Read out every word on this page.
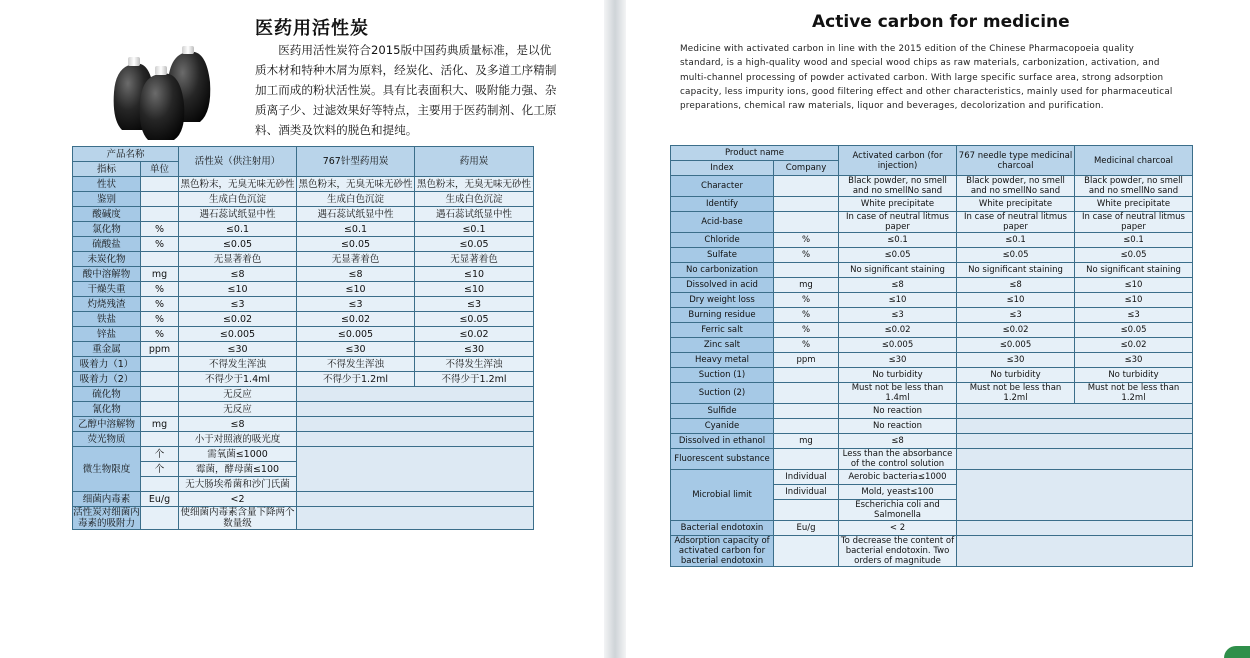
医药用活性炭

医药用活性炭符合2015版中国药典质量标准，是以优质木材和特种木屑为原料，经炭化、活化、及多道工序精制加工而成的粉状活性炭。具有比表面积大、吸附能力强、杂质离子少、过滤效果好等特点，主要用于医药制剂、化工原料、酒类及饮料的脱色和提纯。

产品名称		活性炭（供注射用）	767针型药用炭	药用炭
指标	单位			
性状		黑色粉末，无臭无味无砂性	黑色粉末，无臭无味无砂性	黑色粉末，无臭无味无砂性
鉴别		生成白色沉淀	生成白色沉淀	生成白色沉淀
酸碱度		遇石蕊试纸显中性	遇石蕊试纸显中性	遇石蕊试纸显中性
氯化物	%	≤0.1	≤0.1	≤0.1
硫酸盐	%	≤0.05	≤0.05	≤0.05
未炭化物		无显著着色	无显著着色	无显著着色
酸中溶解物	mg	≤8	≤8	≤10
干燥失重	%	≤10	≤10	≤10
灼烧残渣	%	≤3	≤3	≤3
铁盐	%	≤0.02	≤0.02	≤0.05
锌盐	%	≤0.005	≤0.005	≤0.02
重金属	ppm	≤30	≤30	≤30
吸着力（1）		不得发生浑浊	不得发生浑浊	不得发生浑浊
吸着力（2）		不得少于1.4ml	不得少于1.2ml	不得少于1.2ml
硫化物		无反应		
氰化物		无反应		
乙醇中溶解物	mg	≤8		
荧光物质		小于对照液的吸光度		
微生物限度	个	需氧菌≤1000		
	个	霉菌，酵母菌≤100		
		无大肠埃希菌和沙门氏菌		
细菌内毒素	Eu/g	<2		
活性炭对细菌内毒素的吸附力		使细菌内毒素含量下降两个数量级		
Active carbon for medicine

Medicine with activated carbon in line with the 2015 edition of the Chinese Pharmacopoeia quality standard, is a high-quality wood and special wood chips as raw materials, carbonization, activation, and multi-channel processing of powder activated carbon. With large specific surface area, strong adsorption capacity, less impurity ions, good filtering effect and other characteristics, mainly used for pharmaceutical preparations, chemical raw materials, liquor and beverages, decolorization and purification.

Product name		Activated carbon (for injection)	767 needle type medicinal charcoal	Medicinal charcoal
Index	Company			
Character		Black powder, no smell and no smellNo sand	Black powder, no smell and no smellNo sand	Black powder, no smell and no smellNo sand
Identify		White precipitate	White precipitate	White precipitate
Acid-base		In case of neutral litmus paper	In case of neutral litmus paper	In case of neutral litmus paper
Chloride	%	≤0.1	≤0.1	≤0.1
Sulfate	%	≤0.05	≤0.05	≤0.05
No carbonization		No significant staining	No significant staining	No significant staining
Dissolved in acid	mg	≤8	≤8	≤10
Dry weight loss	%	≤10	≤10	≤10
Burning residue	%	≤3	≤3	≤3
Ferric salt	%	≤0.02	≤0.02	≤0.05
Zinc salt	%	≤0.005	≤0.005	≤0.02
Heavy metal	ppm	≤30	≤30	≤30
Suction (1)		No turbidity	No turbidity	No turbidity
Suction (2)		Must not be less than 1.4ml	Must not be less than 1.2ml	Must not be less than 1.2ml
Sulfide		No reaction		
Cyanide		No reaction		
Dissolved in ethanol	mg	≤8		
Fluorescent substance		Less than the absorbance of the control solution		
Microbial limit	Individual	Aerobic bacteria≤1000		
	Individual	Mold, yeast≤100		
		Escherichia coli and Salmonella		
Bacterial endotoxin	Eu/g	< 2		
Adsorption capacity of activated carbon for bacterial endotoxin		To decrease the content of bacterial endotoxin. Two orders of magnitude		
